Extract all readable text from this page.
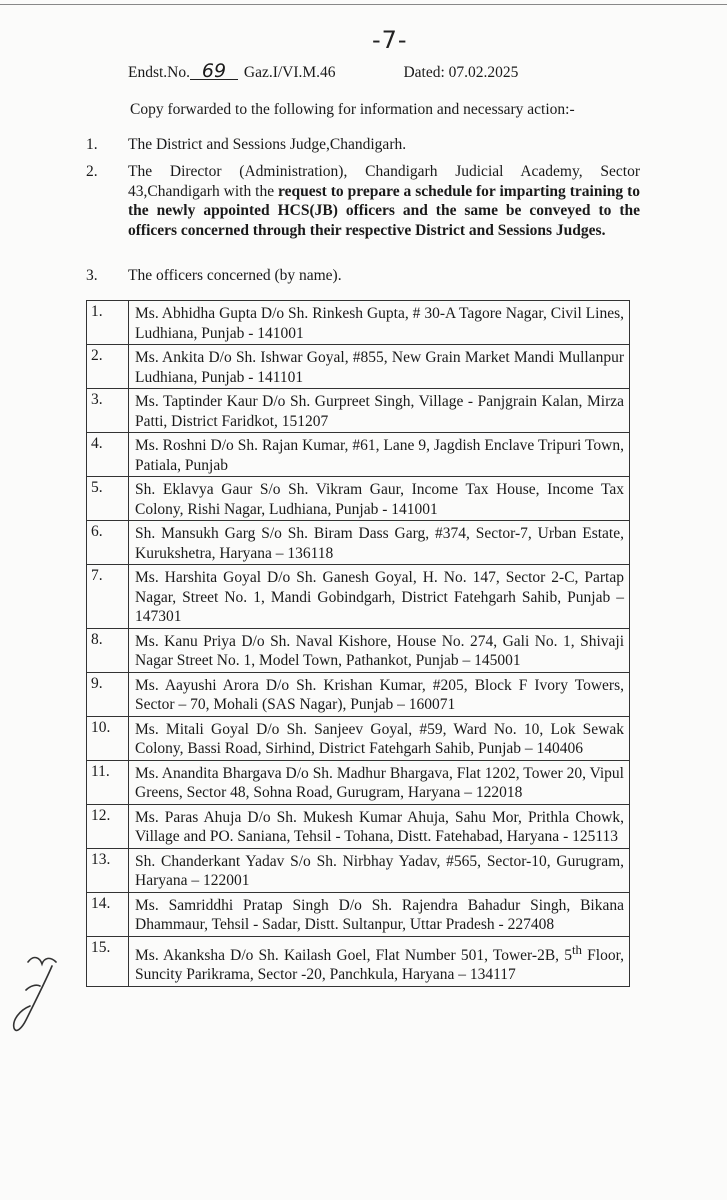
-7-
Endst.No. 69 Gaz.I/VI.M.46	Dated: 07.02.2025
Copy forwarded to the following for information and necessary action:-
1. The District and Sessions Judge,Chandigarh.
2. The Director (Administration), Chandigarh Judicial Academy, Sector 43,Chandigarh with the request to prepare a schedule for imparting training to the newly appointed HCS(JB) officers and the same be conveyed to the officers concerned through their respective District and Sessions Judges.
3. The officers concerned (by name).
1.	Ms. Abhidha Gupta D/o Sh. Rinkesh Gupta, # 30-A Tagore Nagar, Civil Lines, Ludhiana, Punjab - 141001
2.	Ms. Ankita D/o Sh. Ishwar Goyal, #855, New Grain Market Mandi Mullanpur Ludhiana, Punjab - 141101
3.	Ms. Taptinder Kaur D/o Sh. Gurpreet Singh, Village - Panjgrain Kalan, Mirza Patti, District Faridkot, 151207
4.	Ms. Roshni D/o Sh. Rajan Kumar, #61, Lane 9, Jagdish Enclave Tripuri Town, Patiala, Punjab
5.	Sh. Eklavya Gaur S/o Sh. Vikram Gaur, Income Tax House, Income Tax Colony, Rishi Nagar, Ludhiana, Punjab - 141001
6.	Sh. Mansukh Garg S/o Sh. Biram Dass Garg, #374, Sector-7, Urban Estate, Kurukshetra, Haryana – 136118
7.	Ms. Harshita Goyal D/o Sh. Ganesh Goyal, H. No. 147, Sector 2-C, Partap Nagar, Street No. 1, Mandi Gobindgarh, District Fatehgarh Sahib, Punjab – 147301
8.	Ms. Kanu Priya D/o Sh. Naval Kishore, House No. 274, Gali No. 1, Shivaji Nagar Street No. 1, Model Town, Pathankot, Punjab – 145001
9.	Ms. Aayushi Arora D/o Sh. Krishan Kumar, #205, Block F Ivory Towers, Sector – 70, Mohali (SAS Nagar), Punjab – 160071
10.	Ms. Mitali Goyal D/o Sh. Sanjeev Goyal, #59, Ward No. 10, Lok Sewak Colony, Bassi Road, Sirhind, District Fatehgarh Sahib, Punjab – 140406
11.	Ms. Anandita Bhargava D/o Sh. Madhur Bhargava, Flat 1202, Tower 20, Vipul Greens, Sector 48, Sohna Road, Gurugram, Haryana – 122018
12.	Ms. Paras Ahuja D/o Sh. Mukesh Kumar Ahuja, Sahu Mor, Prithla Chowk, Village and PO. Saniana, Tehsil - Tohana, Distt. Fatehabad, Haryana - 125113
13.	Sh. Chanderkant Yadav S/o Sh. Nirbhay Yadav, #565, Sector-10, Gurugram, Haryana – 122001
14.	Ms. Samriddhi Pratap Singh D/o Sh. Rajendra Bahadur Singh, Bikana Dhammaur, Tehsil - Sadar, Distt. Sultanpur, Uttar Pradesh - 227408
15.	Ms. Akanksha D/o Sh. Kailash Goel, Flat Number 501, Tower-2B, 5th Floor, Suncity Parikrama, Sector -20, Panchkula, Haryana – 134117
